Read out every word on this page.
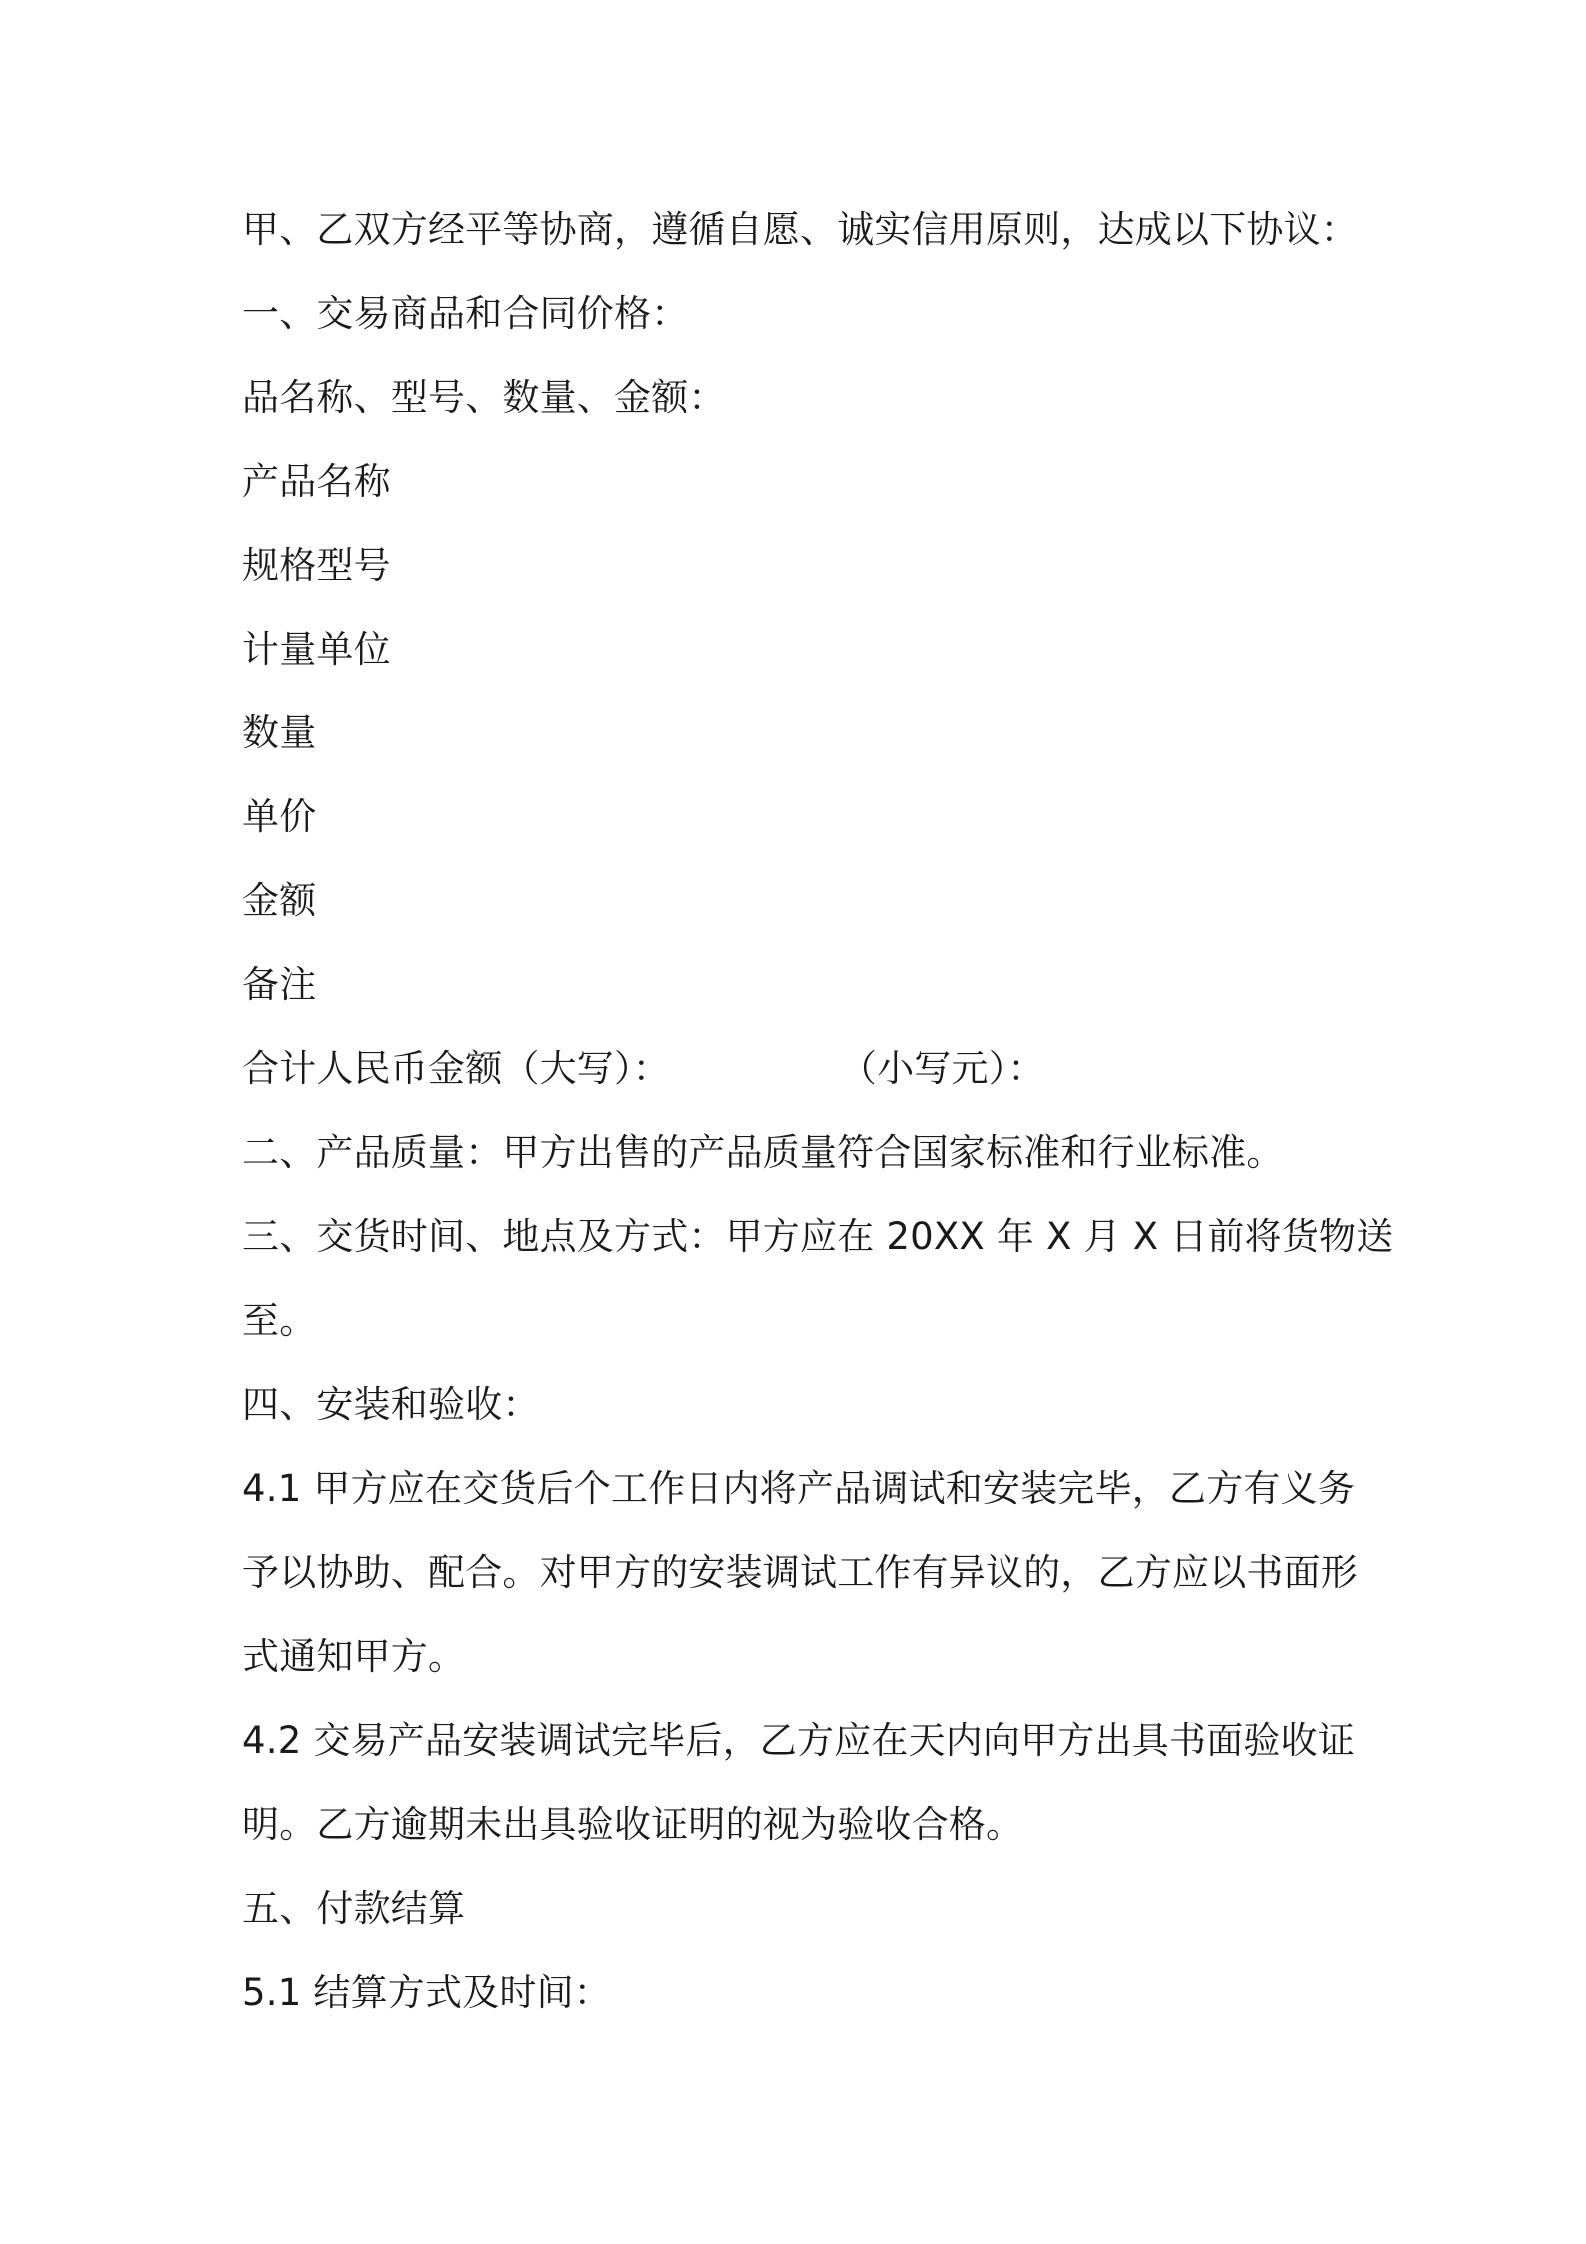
甲、乙双方经平等协商，遵循自愿、诚实信用原则，达成以下协议：
一、交易商品和合同价格：
品名称、型号、数量、金额：
产品名称
规格型号
计量单位
数量
单价
金额
备注
合计人民币金额（大写）：	（小写元）：
二、产品质量：甲方出售的产品质量符合国家标准和行业标准。
三、交货时间、地点及方式：甲方应在 20XX 年 X 月 X 日前将货物送
至。
四、安装和验收：
4.1 甲方应在交货后个工作日内将产品调试和安装完毕，乙方有义务
予以协助、配合。对甲方的安装调试工作有异议的，乙方应以书面形
式通知甲方。
4.2 交易产品安装调试完毕后，乙方应在天内向甲方出具书面验收证
明。乙方逾期未出具验收证明的视为验收合格。
五、付款结算
5.1 结算方式及时间：
